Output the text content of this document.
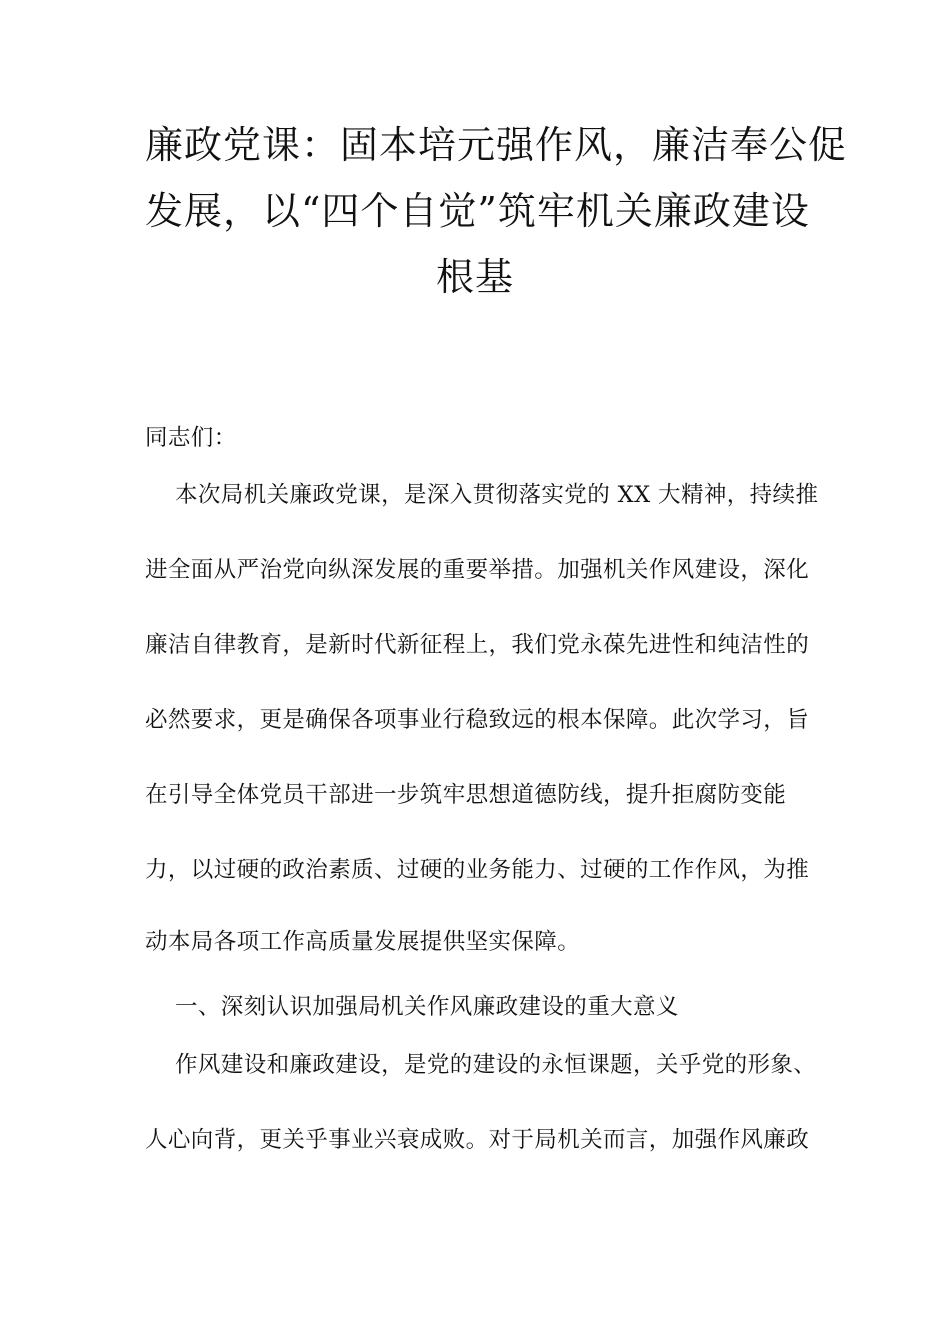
廉政党课：固本培元强作风，廉洁奉公促
发展，以“四个自觉”筑牢机关廉政建设
根基

同志们：

本次局机关廉政党课，是深入贯彻落实党的 XX 大精神，持续推

进全面从严治党向纵深发展的重要举措。加强机关作风建设，深化

廉洁自律教育，是新时代新征程上，我们党永葆先进性和纯洁性的

必然要求，更是确保各项事业行稳致远的根本保障。此次学习，旨

在引导全体党员干部进一步筑牢思想道德防线，提升拒腐防变能

力，以过硬的政治素质、过硬的业务能力、过硬的工作作风，为推

动本局各项工作高质量发展提供坚实保障。

一、深刻认识加强局机关作风廉政建设的重大意义

作风建设和廉政建设，是党的建设的永恒课题，关乎党的形象、

人心向背，更关乎事业兴衰成败。对于局机关而言，加强作风廉政
